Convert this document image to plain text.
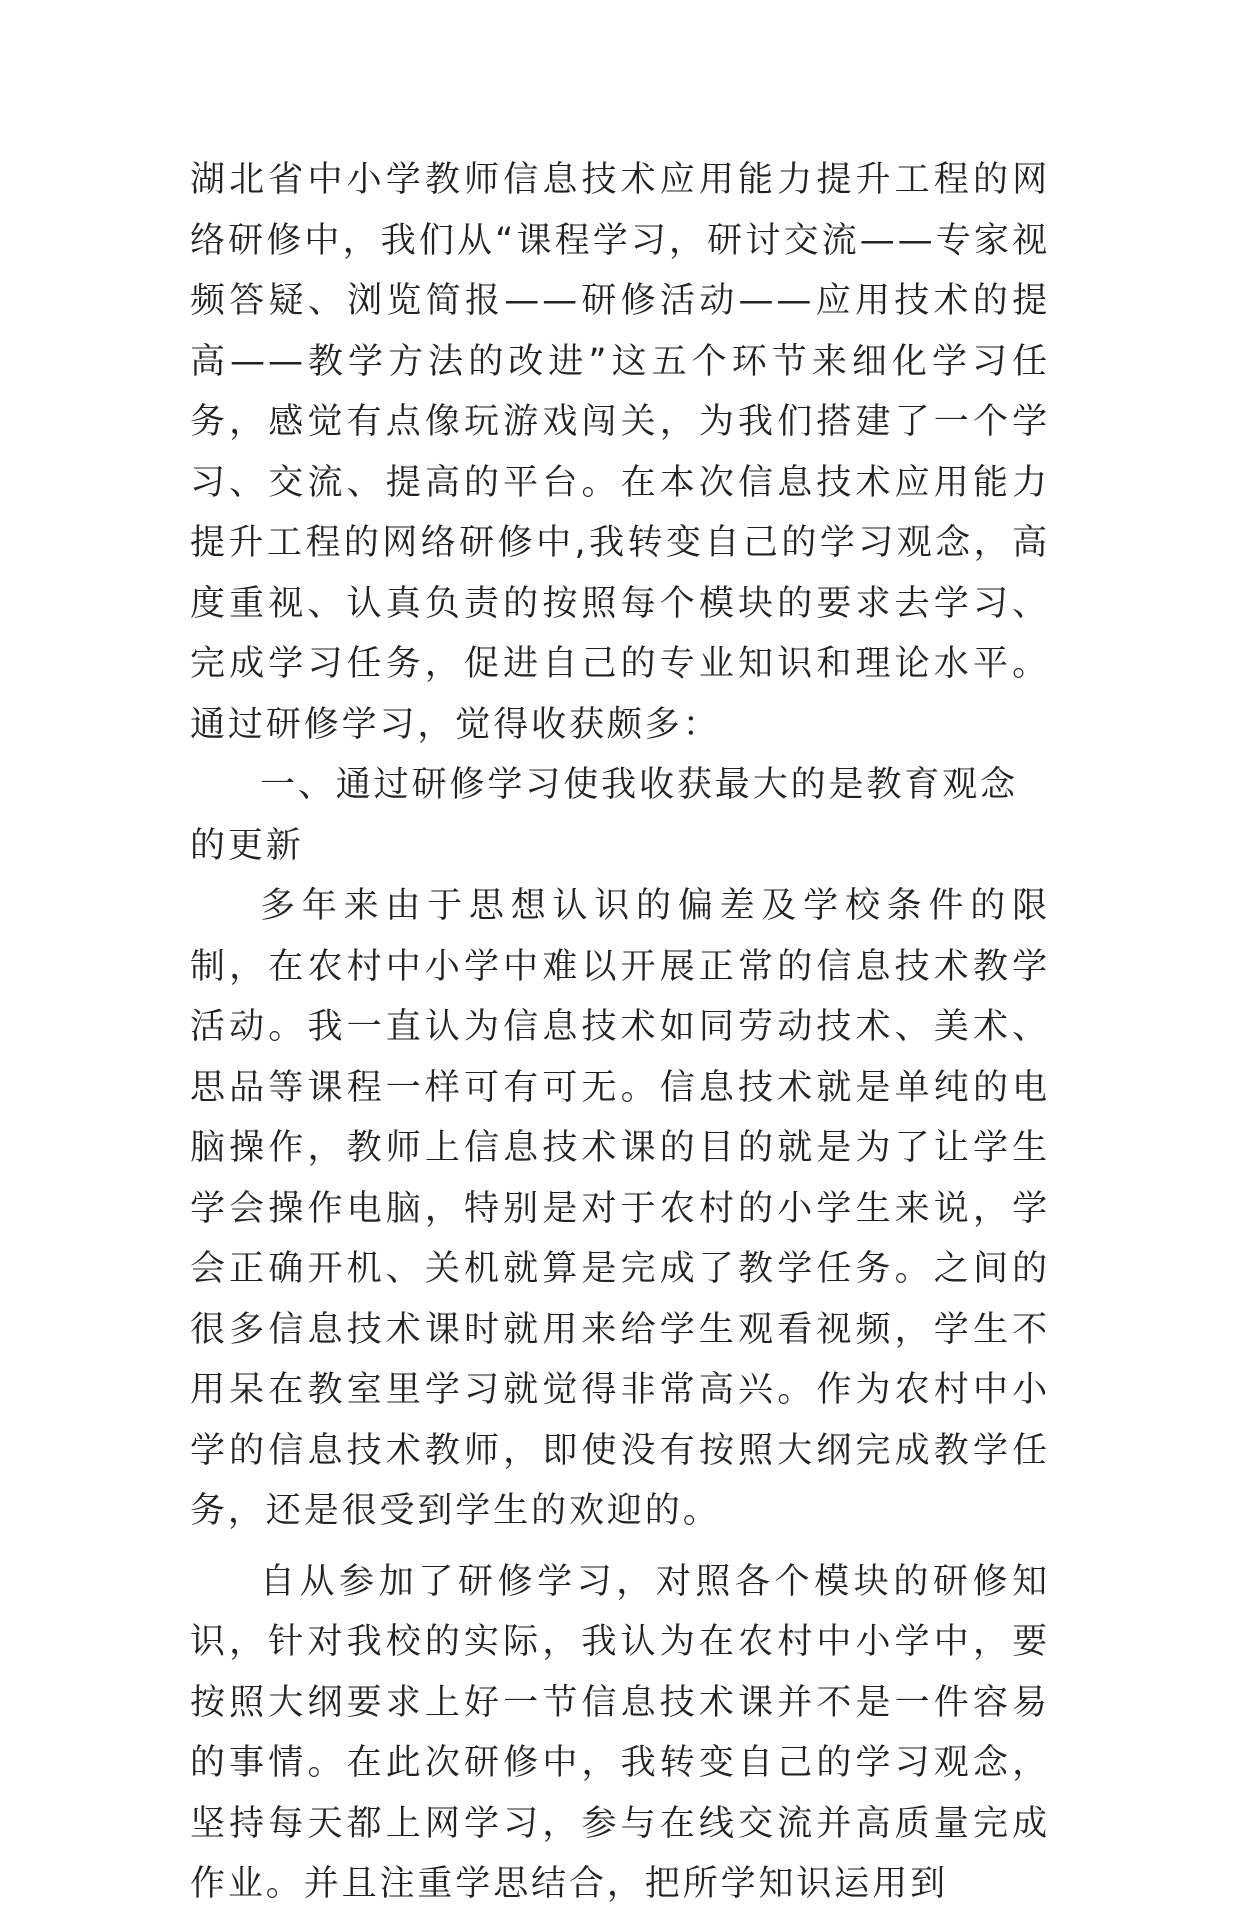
湖北省中小学教师信息技术应用能力提升工程的网络研修中，我们从“课程学习，研讨交流——专家视频答疑、浏览简报——研修活动——应用技术的提高——教学方法的改进”这五个环节来细化学习任务，感觉有点像玩游戏闯关，为我们搭建了一个学习、交流、提高的平台。在本次信息技术应用能力提升工程的网络研修中,我转变自己的学习观念，高度重视、认真负责的按照每个模块的要求去学习、完成学习任务，促进自己的专业知识和理论水平。通过研修学习，觉得收获颇多：

一、通过研修学习使我收获最大的是教育观念的更新

多年来由于思想认识的偏差及学校条件的限制，在农村中小学中难以开展正常的信息技术教学活动。我一直认为信息技术如同劳动技术、美术、思品等课程一样可有可无。信息技术就是单纯的电脑操作，教师上信息技术课的目的就是为了让学生学会操作电脑，特别是对于农村的小学生来说，学会正确开机、关机就算是完成了教学任务。之间的很多信息技术课时就用来给学生观看视频，学生不用呆在教室里学习就觉得非常高兴。作为农村中小学的信息技术教师，即使没有按照大纲完成教学任务，还是很受到学生的欢迎的。

自从参加了研修学习，对照各个模块的研修知识，针对我校的实际，我认为在农村中小学中，要按照大纲要求上好一节信息技术课并不是一件容易的事情。在此次研修中，我转变自己的学习观念，坚持每天都上网学习，参与在线交流并高质量完成作业。并且注重学思结合，把所学知识运用到
